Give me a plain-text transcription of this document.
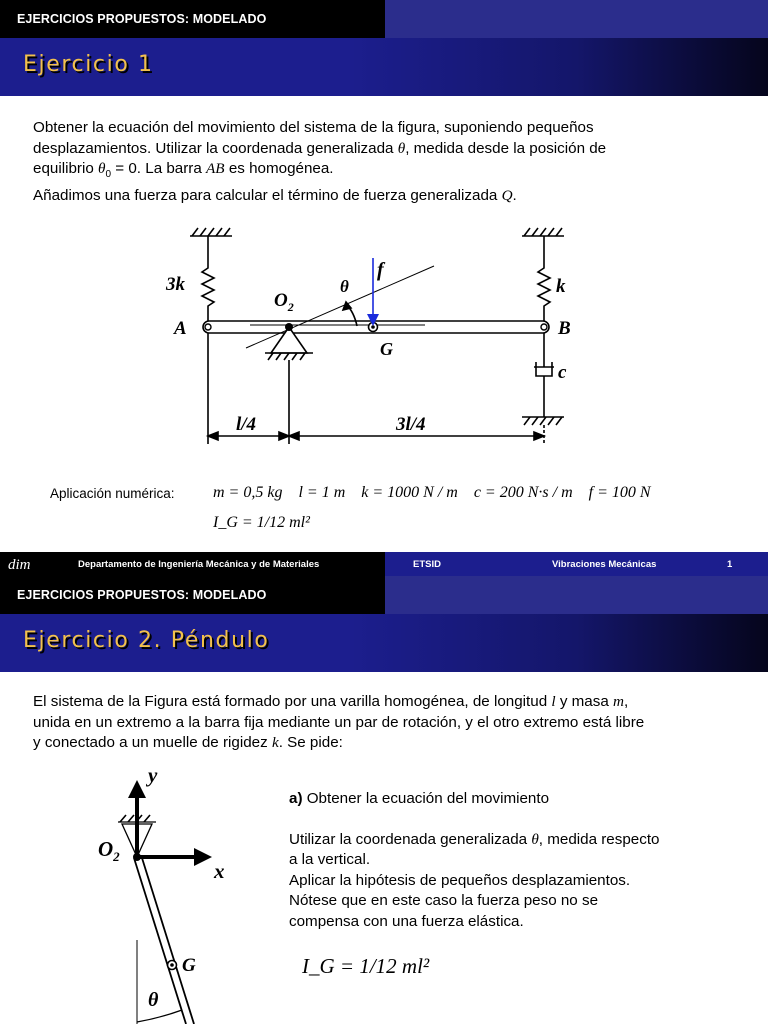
EJERCICIOS PROPUESTOS: MODELADO
Ejercicio 1
Obtener la ecuación del movimiento del sistema de la figura, suponiendo pequeños
desplazamientos. Utilizar la coordenada generalizada θ, medida desde la posición de
equilibrio $\theta_0 = 0$. La barra AB es homogénea.
Añadimos una fuerza para calcular el término de fuerza generalizada Q.
3k	k
A	B
$O_2$
θ
f
G
c
l/4	3l/4
Aplicación numérica: m = 0,5 kg    l = 1 m    k = 1000 N / m    c = 200 N·s / m    f = 100 N
I_G = 1/12 ml²
dim	Departamento de Ingeniería Mecánica y de Materiales	ETSID	Vibraciones Mecánicas	1
EJERCICIOS PROPUESTOS: MODELADO
Ejercicio 2. Péndulo
El sistema de la Figura está formado por una varilla homogénea, de longitud l y masa m,
unida en un extremo a la barra fija mediante un par de rotación, y el otro extremo está libre
y conectado a un muelle de rigidez k. Se pide:
a) Obtener la ecuación del movimiento
Utilizar la coordenada generalizada θ, medida respecto
a la vertical.
Aplicar la hipótesis de pequeños desplazamientos.
Nótese que en este caso la fuerza peso no se
compensa con una fuerza elástica.
I_G = 1/12 ml²
y
x
$O_2$
G
θ
